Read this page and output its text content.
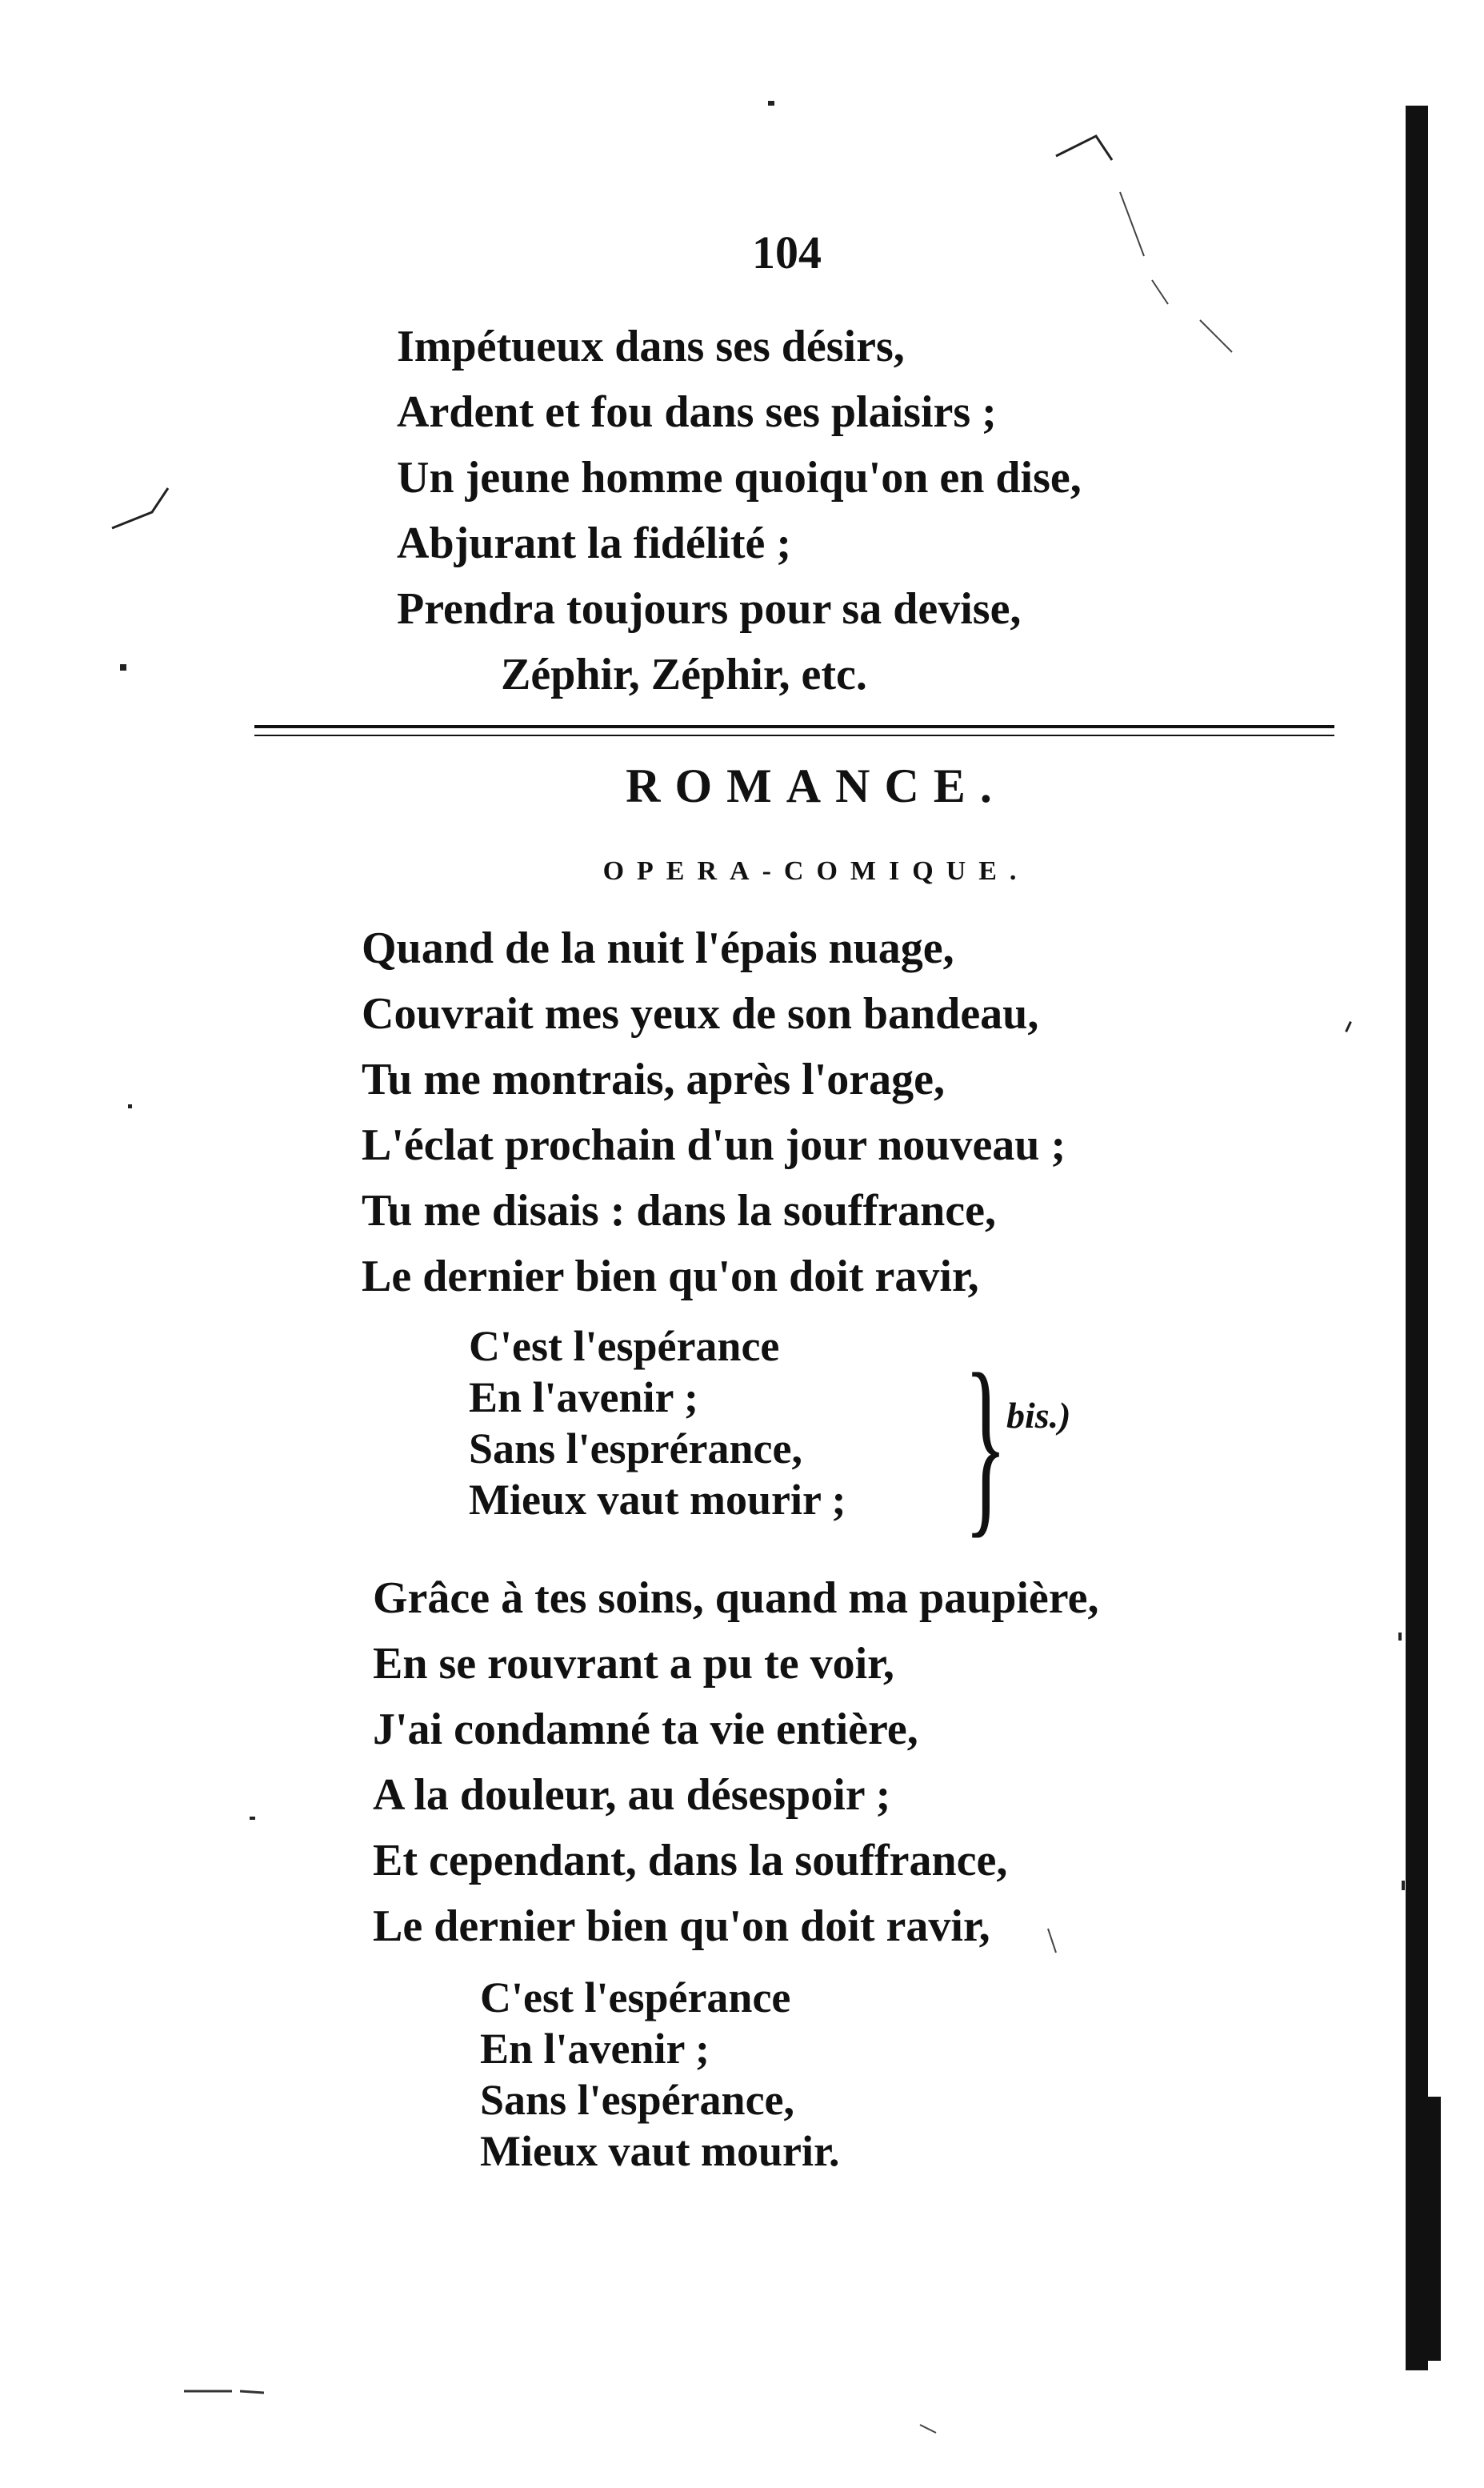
104
Impétueux dans ses désirs,
Ardent et fou dans ses plaisirs ;
Un jeune homme quoiqu'on en dise,
Abjurant la fidélité ;
Prendra toujours pour sa devise,
Zéphir, Zéphir, etc.
ROMANCE.
OPERA-COMIQUE.
Quand de la nuit l'épais nuage,
Couvrait mes yeux de son bandeau,
Tu me montrais, après l'orage,
L'éclat prochain d'un jour nouveau ;
Tu me disais : dans la souffrance,
Le dernier bien qu'on doit ravir,
C'est l'espérance
En l'avenir ;
Sans l'esprérance,
Mieux vaut mourir ; } bis.)
Grâce à tes soins, quand ma paupière,
En se rouvrant a pu te voir,
J'ai condamné ta vie entière,
A la douleur, au désespoir ;
Et cependant, dans la souffrance,
Le dernier bien qu'on doit ravir,
C'est l'espérance
En l'avenir ;
Sans l'espérance,
Mieux vaut mourir.
